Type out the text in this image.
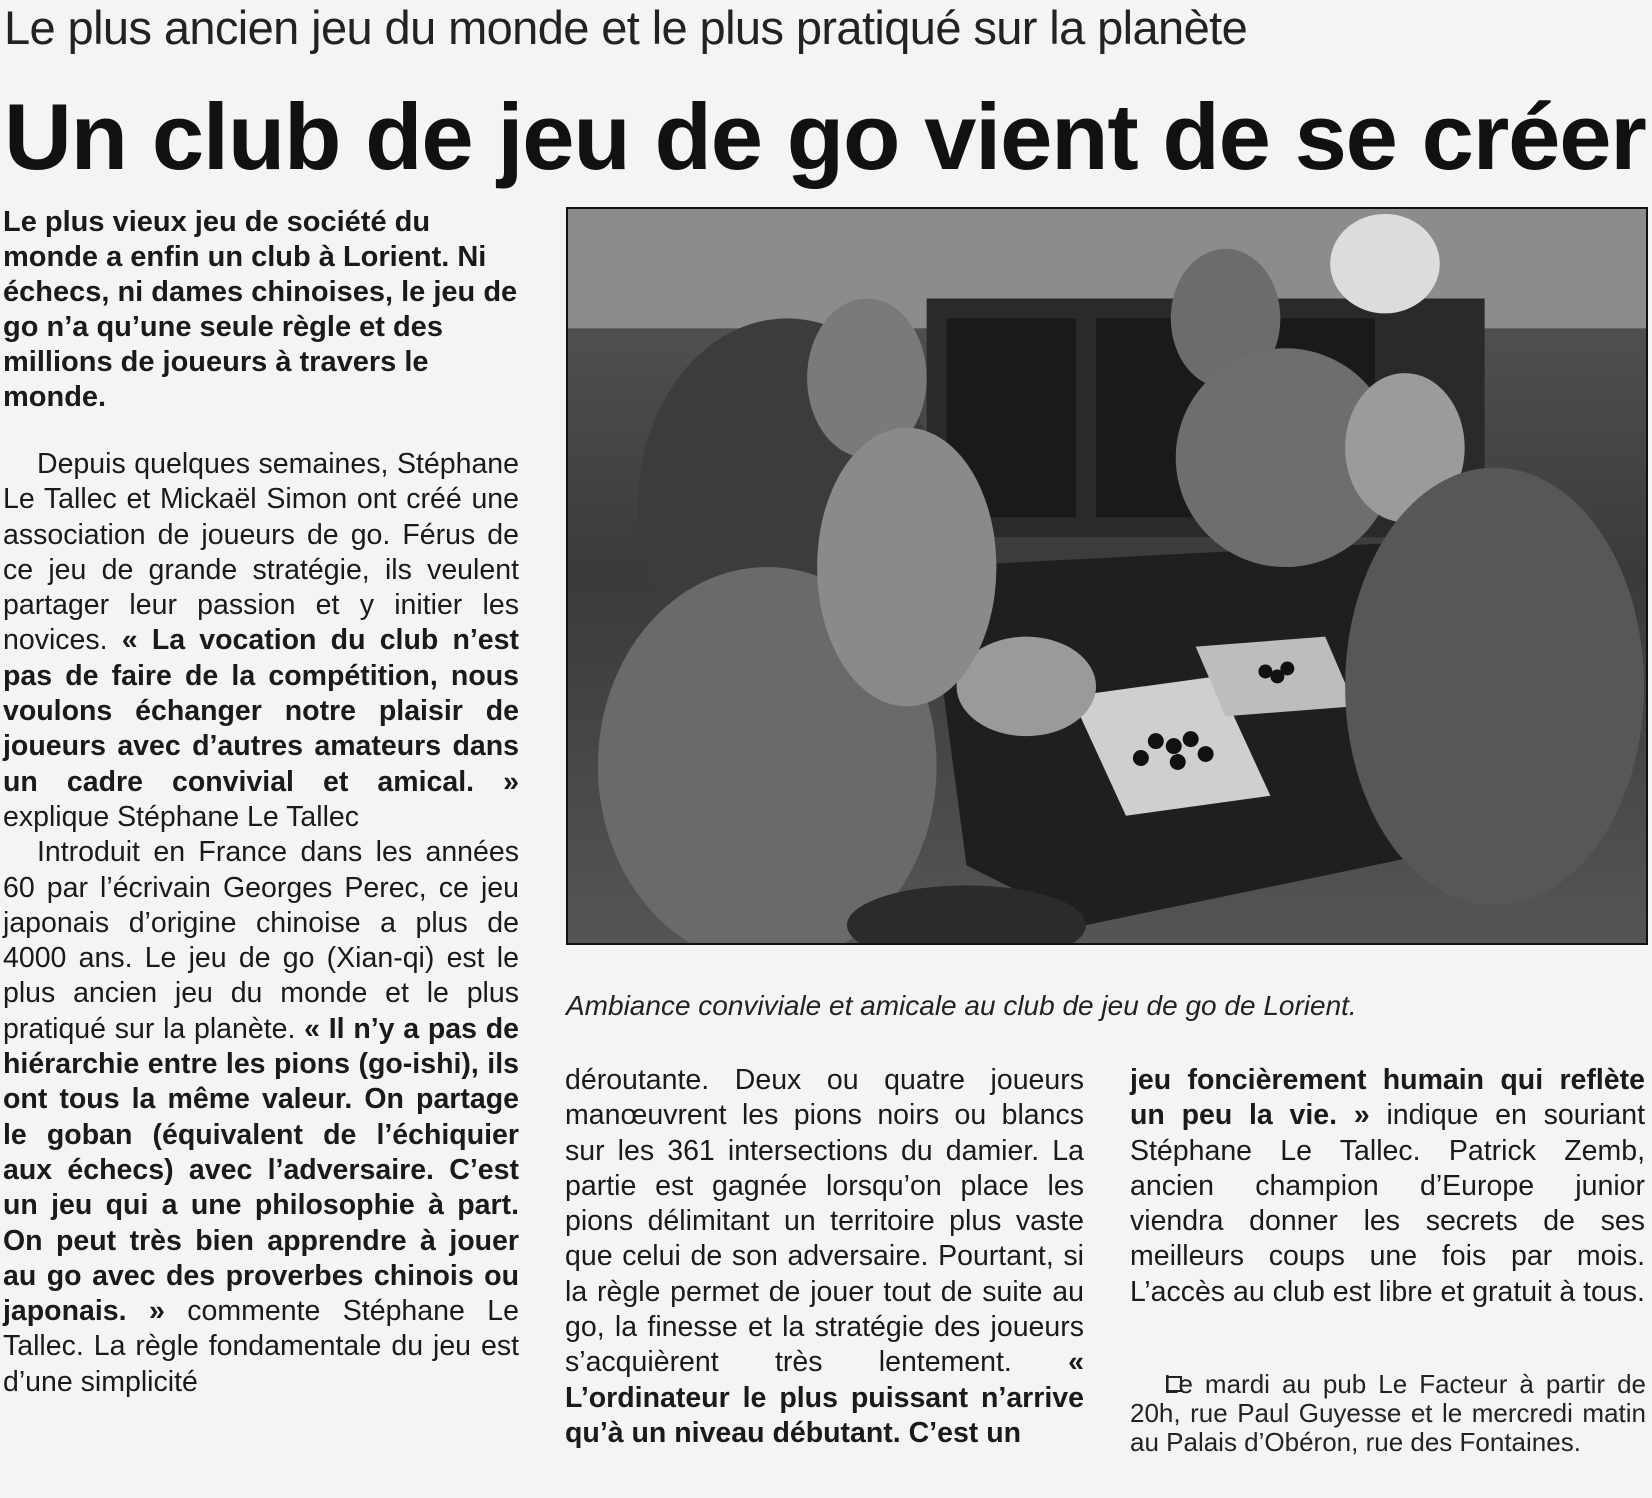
Le plus ancien jeu du monde et le plus pratiqué sur la planète
Un club de jeu de go vient de se créer

Le plus vieux jeu de société du monde a enfin un club à Lorient. Ni échecs, ni dames chinoises, le jeu de go n’a qu’une seule règle et des millions de joueurs à travers le monde.

Depuis quelques semaines, Stéphane Le Tallec et Mickaël Simon ont créé une association de joueurs de go. Férus de ce jeu de grande stratégie, ils veulent partager leur passion et y initier les novices. « La vocation du club n’est pas de faire de la compétition, nous voulons échanger notre plaisir de joueurs avec d’autres amateurs dans un cadre convivial et amical. » explique Stéphane Le Tallec

Introduit en France dans les années 60 par l’écrivain Georges Perec, ce jeu japonais d’origine chinoise a plus de 4000 ans. Le jeu de go (Xian-qi) est le plus ancien jeu du monde et le plus pratiqué sur la planète. « Il n’y a pas de hiérarchie entre les pions (go-ishi), ils ont tous la même valeur. On partage le goban (équivalent de l’échiquier aux échecs) avec l’adversaire. C’est un jeu qui a une philosophie à part. On peut très bien apprendre à jouer au go avec des proverbes chinois ou japonais. » commente Stéphane Le Tallec. La règle fondamentale du jeu est d’une simplicité

Ambiance conviviale et amicale au club de jeu de go de Lorient.

déroutante. Deux ou quatre joueurs manœuvrent les pions noirs ou blancs sur les 361 intersections du damier. La partie est gagnée lorsqu’on place les pions délimitant un territoire plus vaste que celui de son adversaire. Pourtant, si la règle permet de jouer tout de suite au go, la finesse et la stratégie des joueurs s’acquièrent très lentement. « L’ordinateur le plus puissant n’arrive qu’à un niveau débutant. C’est un

jeu foncièrement humain qui reflète un peu la vie. » indique en souriant Stéphane Le Tallec. Patrick Zemb, ancien champion d’Europe junior viendra donner les secrets de ses meilleurs coups une fois par mois. L’accès au club est libre et gratuit à tous.

Le mardi au pub Le Facteur à partir de 20h, rue Paul Guyesse et le mercredi matin au Palais d’Obéron, rue des Fontaines.
